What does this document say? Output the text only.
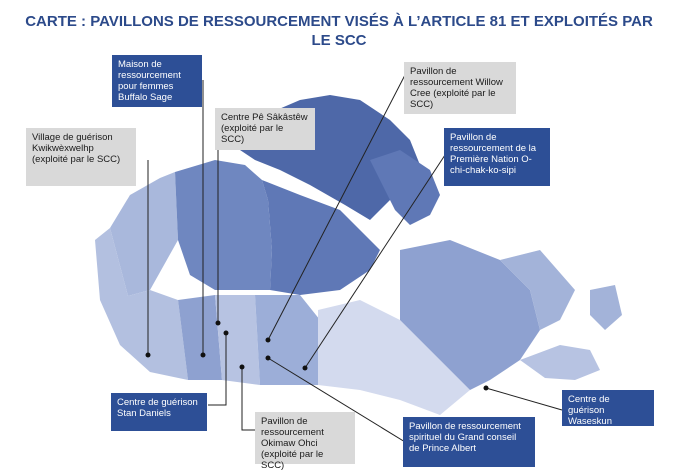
CARTE : PAVILLONS DE RESSOURCEMENT VISÉS À L’ARTICLE 81 ET EXPLOITÉS PAR LE SCC
Maison de ressourcement pour femmes Buffalo Sage
Village de guérison Kwikwèxwelhp (exploité par le SCC)
Centre Pê Sâkâstêw (exploité par le SCC)
Pavillon de ressourcement Willow Cree (exploité par le SCC)
Pavillon de ressourcement de la Première Nation O-chi-chak-ko-sipi
Centre de guérison Stan Daniels
Pavillon de ressourcement Okimaw Ohci (exploité par le SCC)
Pavillon de ressourcement spirituel du Grand conseil de Prince Albert
Centre de guérison Waseskun
